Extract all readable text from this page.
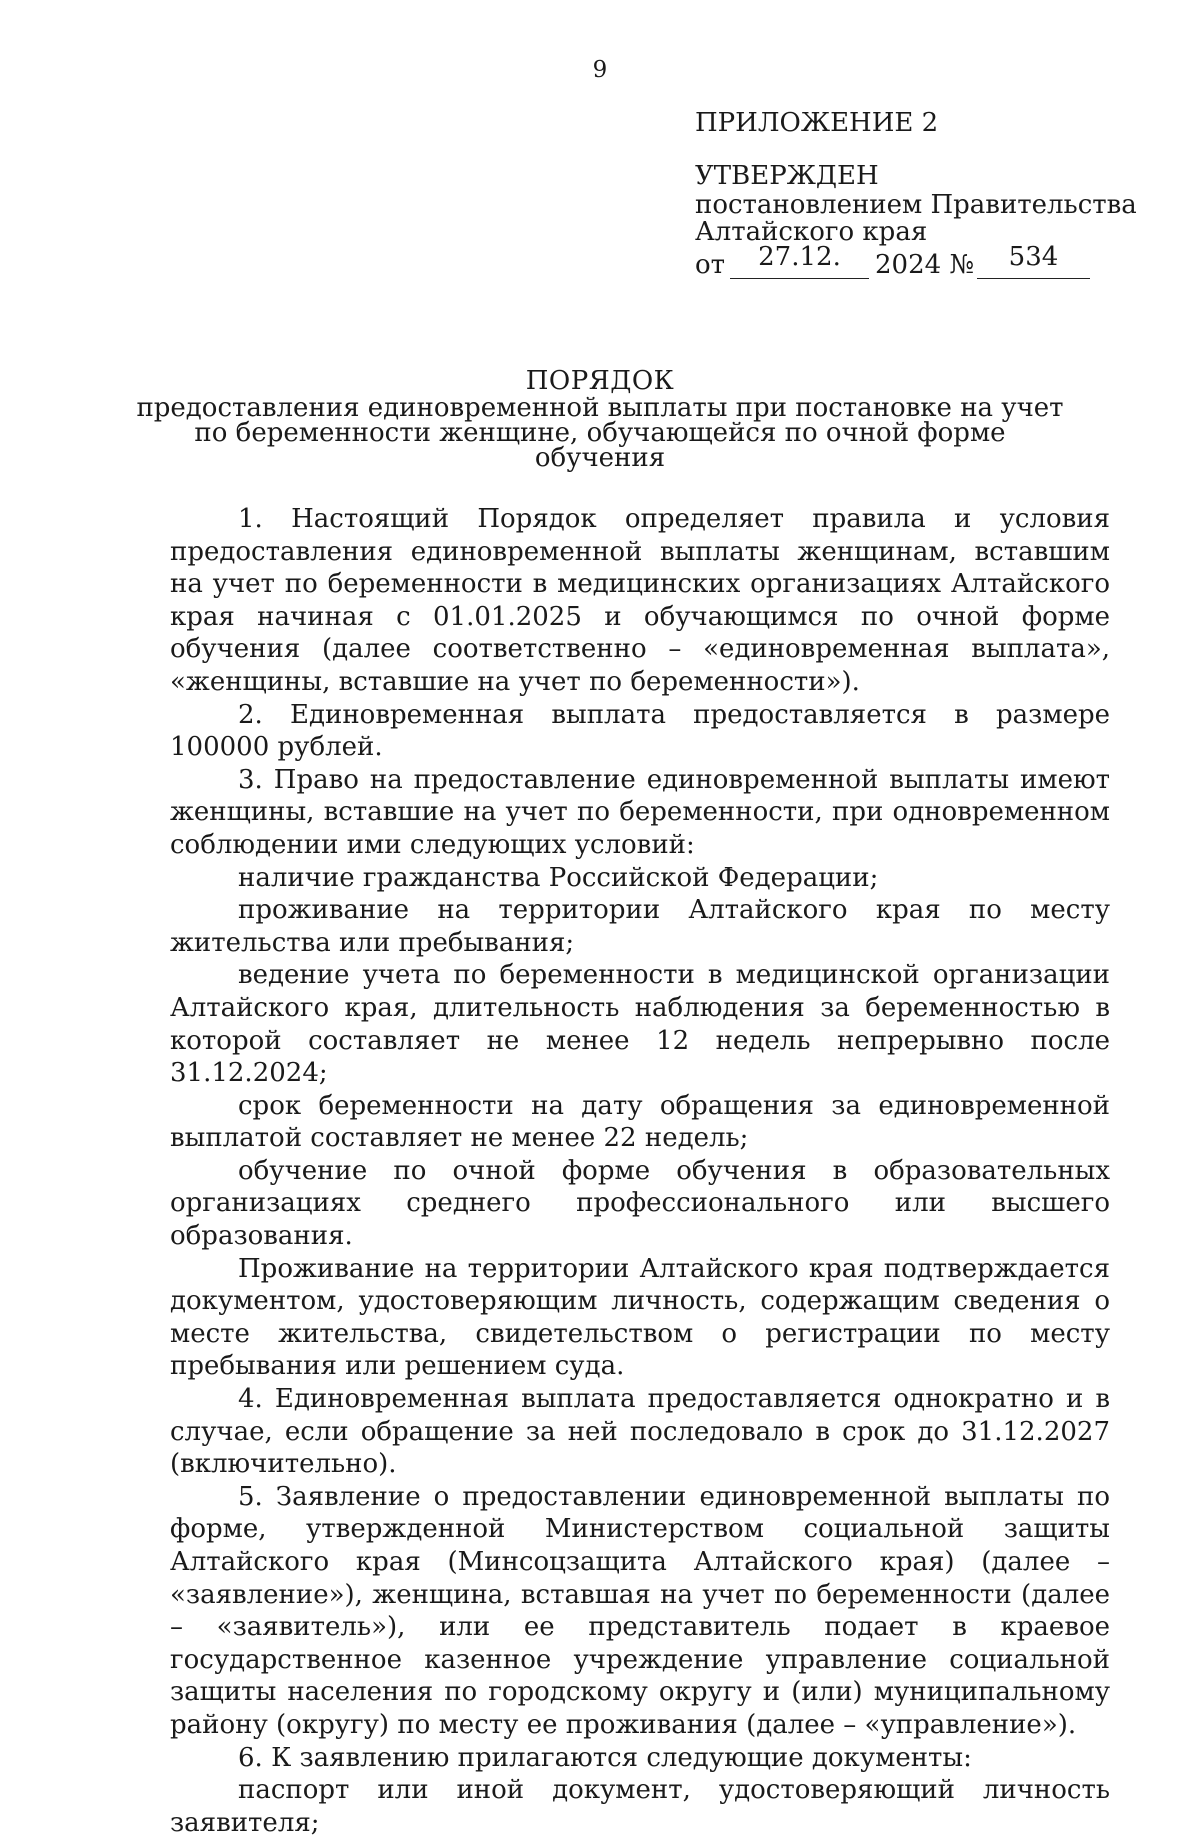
9
ПРИЛОЖЕНИЕ 2
УТВЕРЖДЕН
постановлением Правительства
Алтайского края
от	27.12.	2024 №	534
ПОРЯДОК
предоставления единовременной выплаты при постановке на учет
по беременности женщине, обучающейся по очной форме
обучения

1. Настоящий Порядок определяет правила и условия предоставления единовременной выплаты женщинам, вставшим на учет по беременности в медицинских организациях Алтайского края начиная с 01.01.2025 и обучающимся по очной форме обучения (далее соответственно – «единовременная выплата», «женщины, вставшие на учет по беременности»).

2. Единовременная выплата предоставляется в размере 100000 рублей.

3. Право на предоставление единовременной выплаты имеют женщины, вставшие на учет по беременности, при одновременном соблюдении ими следующих условий:

наличие гражданства Российской Федерации;

проживание на территории Алтайского края по месту жительства или пребывания;

ведение учета по беременности в медицинской организации Алтайского края, длительность наблюдения за беременностью в которой составляет не менее 12 недель непрерывно после 31.12.2024;

срок беременности на дату обращения за единовременной выплатой составляет не менее 22 недель;

обучение по очной форме обучения в образовательных организациях среднего профессионального или высшего образования.

Проживание на территории Алтайского края подтверждается документом, удостоверяющим личность, содержащим сведения о месте жительства, свидетельством о регистрации по месту пребывания или решением суда.

4. Единовременная выплата предоставляется однократно и в случае, если обращение за ней последовало в срок до 31.12.2027 (включительно).

5. Заявление о предоставлении единовременной выплаты по форме, утвержденной Министерством социальной защиты Алтайского края (Минсоцзащита Алтайского края) (далее – «заявление»), женщина, вставшая на учет по беременности (далее – «заявитель»), или ее представитель подает в краевое государственное казенное учреждение управление социальной защиты населения по городскому округу и (или) муниципальному району (округу) по месту ее проживания (далее – «управление»).

6. К заявлению прилагаются следующие документы:

паспорт или иной документ, удостоверяющий личность заявителя;
